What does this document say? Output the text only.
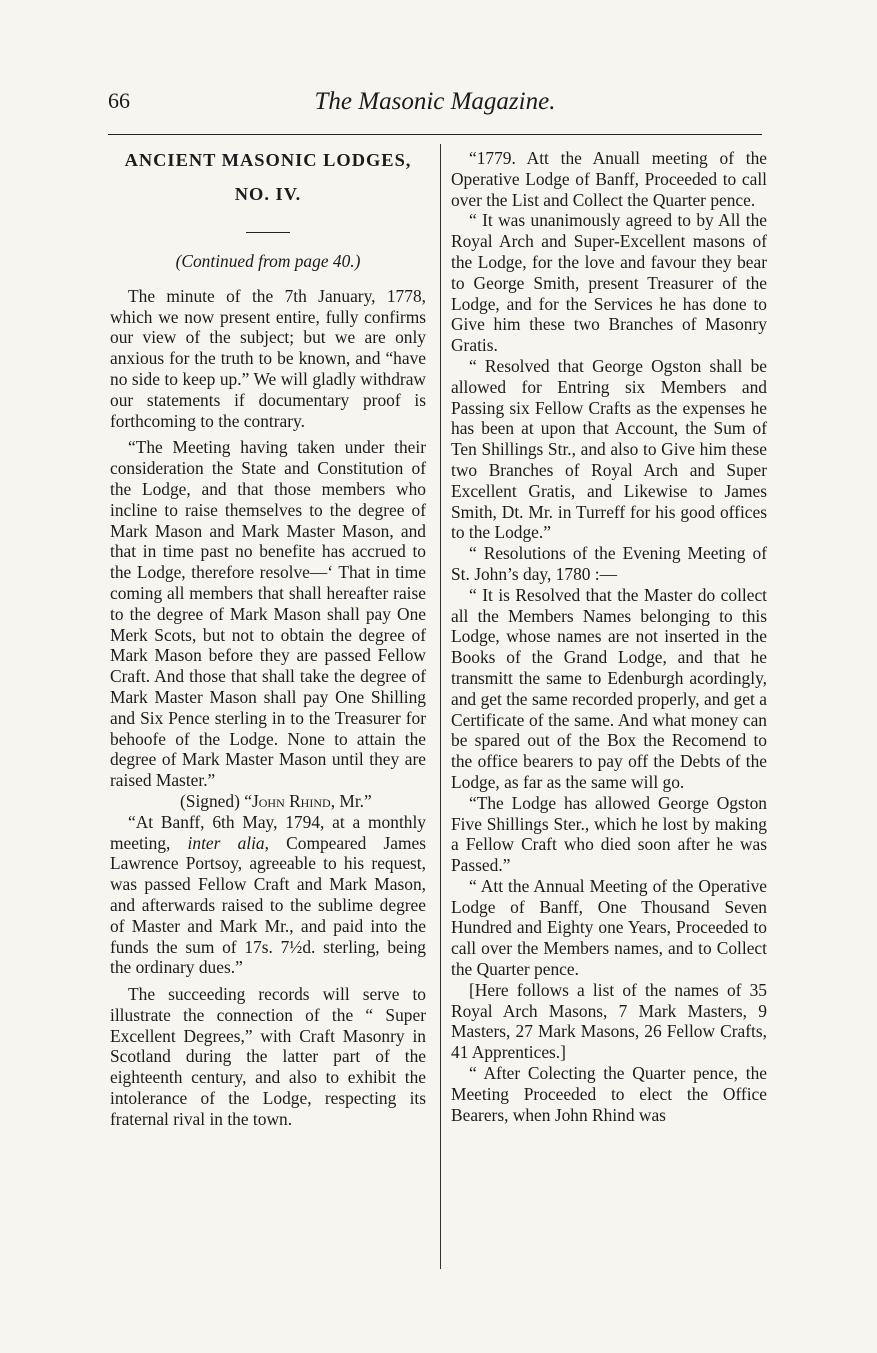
66	The Masonic Magazine.
ANCIENT MASONIC LODGES,
NO. IV.
(Continued from page 40.)

The minute of the 7th January, 1778, which we now present entire, fully confirms our view of the subject; but we are only anxious for the truth to be known, and “have no side to keep up.” We will gladly withdraw our statements if documentary proof is forthcoming to the contrary.

“The Meeting having taken under their consideration the State and Constitution of the Lodge, and that those members who incline to raise themselves to the degree of Mark Mason and Mark Master Mason, and that in time past no benefite has accrued to the Lodge, therefore resolve—‘ That in time coming all members that shall hereafter raise to the degree of Mark Mason shall pay One Merk Scots, but not to obtain the degree of Mark Mason before they are passed Fellow Craft. And those that shall take the degree of Mark Master Mason shall pay One Shilling and Six Pence sterling in to the Treasurer for behoofe of the Lodge. None to attain the degree of Mark Master Mason until they are raised Master.”

(Signed) “John Rhind, Mr.”

“At Banff, 6th May, 1794, at a monthly meeting, inter alia, Compeared James Lawrence Portsoy, agreeable to his request, was passed Fellow Craft and Mark Mason, and afterwards raised to the sublime degree of Master and Mark Mr., and paid into the funds the sum of 17s. 7½d. sterling, being the ordinary dues.”

The succeeding records will serve to illustrate the connection of the “ Super Excellent Degrees,” with Craft Masonry in Scotland during the latter part of the eighteenth century, and also to exhibit the intolerance of the Lodge, respecting its fraternal rival in the town.

“1779. Att the Anuall meeting of the Operative Lodge of Banff, Proceeded to call over the List and Collect the Quarter pence.

“ It was unanimously agreed to by All the Royal Arch and Super-Excellent masons of the Lodge, for the love and favour they bear to George Smith, present Treasurer of the Lodge, and for the Services he has done to Give him these two Branches of Masonry Gratis.

“ Resolved that George Ogston shall be allowed for Entring six Members and Passing six Fellow Crafts as the expenses he has been at upon that Account, the Sum of Ten Shillings Str., and also to Give him these two Branches of Royal Arch and Super Excellent Gratis, and Likewise to James Smith, Dt. Mr. in Turreff for his good offices to the Lodge.”

“ Resolutions of the Evening Meeting of St. John’s day, 1780 :—

“ It is Resolved that the Master do collect all the Members Names belonging to this Lodge, whose names are not inserted in the Books of the Grand Lodge, and that he transmitt the same to Edenburgh acordingly, and get the same recorded properly, and get a Certificate of the same. And what money can be spared out of the Box the Recomend to the office bearers to pay off the Debts of the Lodge, as far as the same will go.

“The Lodge has allowed George Ogston Five Shillings Ster., which he lost by making a Fellow Craft who died soon after he was Passed.”

“ Att the Annual Meeting of the Operative Lodge of Banff, One Thousand Seven Hundred and Eighty one Years, Proceeded to call over the Members names, and to Collect the Quarter pence.

[Here follows a list of the names of 35 Royal Arch Masons, 7 Mark Masters, 9 Masters, 27 Mark Masons, 26 Fellow Crafts, 41 Apprentices.]

“ After Colecting the Quarter pence, the Meeting Proceeded to elect the Office Bearers, when John Rhind was
